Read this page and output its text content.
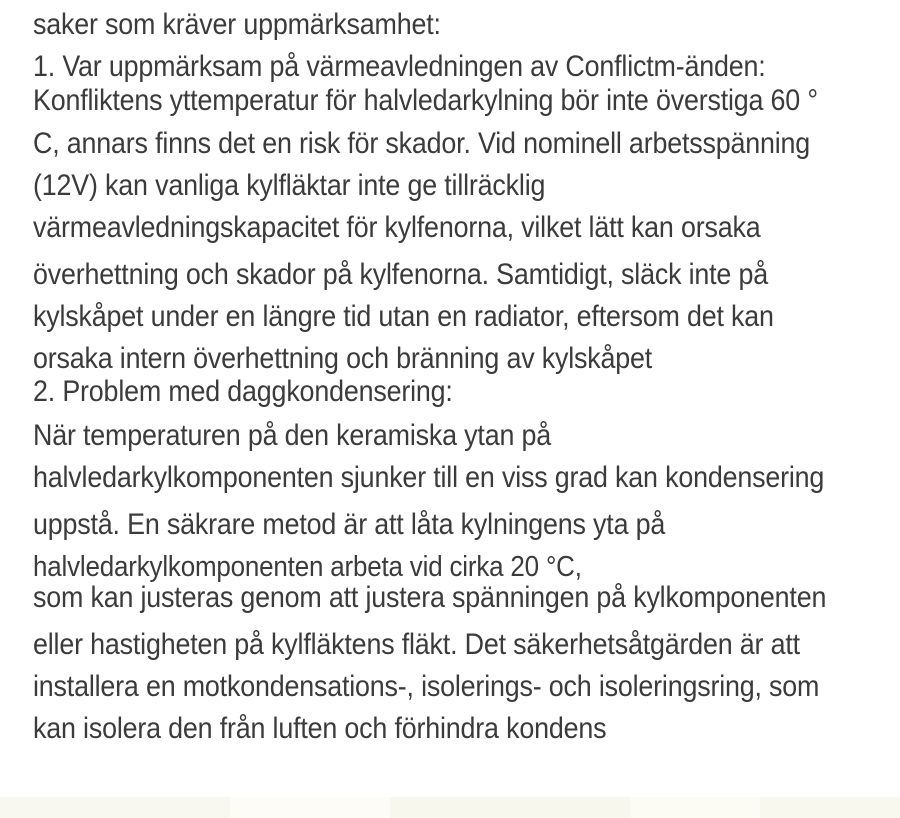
saker som kräver uppmärksamhet:
1. Var uppmärksam på värmeavledningen av Conflictm-änden:
Konfliktens yttemperatur för halvledarkylning bör inte överstiga 60 °
C, annars finns det en risk för skador. Vid nominell arbetsspänning
(12V) kan vanliga kylfläktar inte ge tillräcklig
värmeavledningskapacitet för kylfenorna, vilket lätt kan orsaka
överhettning och skador på kylfenorna. Samtidigt, släck inte på
kylskåpet under en längre tid utan en radiator, eftersom det kan
orsaka intern överhettning och bränning av kylskåpet
2. Problem med daggkondensering:
När temperaturen på den keramiska ytan på
halvledarkylkomponenten sjunker till en viss grad kan kondensering
uppstå. En säkrare metod är att låta kylningens yta på
halvledarkylkomponenten arbeta vid cirka 20 °C,
som kan justeras genom att justera spänningen på kylkomponenten
eller hastigheten på kylfläktens fläkt. Det säkerhetsåtgärden är att
installera en motkondensations-, isolerings- och isoleringsring, som
kan isolera den från luften och förhindra kondens
